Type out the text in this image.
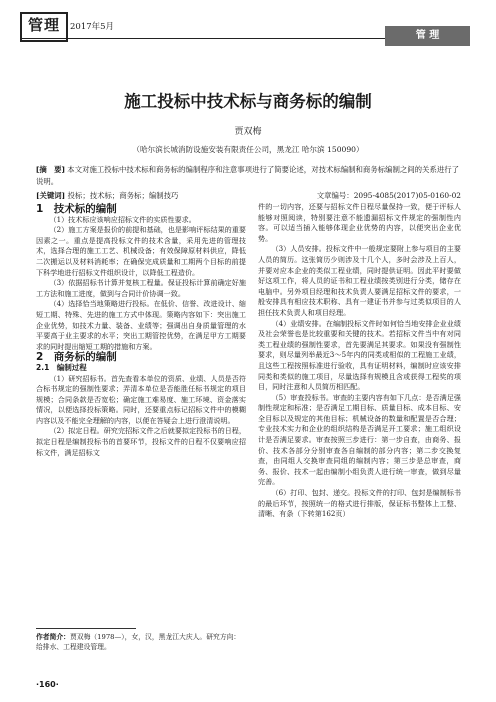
管理	2017年5月
管 理
施工投标中技术标与商务标的编制
贾双梅
（哈尔滨长城消防设施安装有限责任公司，黑龙江 哈尔滨 150090）
[摘　要] 本文对施工投标中技术标和商务标的编制程序和注意事项进行了简要论述，对技术标编制和商务标编制之间的关系进行了说明。
[关键词] 投标；技术标；商务标；编制技巧	文章编号：2095-4085(2017)05-0160-02

1　技术标的编制

（1）技术标应该响应招标文件的实质性要求。

（2）施工方案是报价的前提和基础，也是影响评标结果的重要因素之一。重点是提高投标文件的技术含量，采用先进的管理技术，选择合理的施工工艺、机械设备；有效保障原材料供应，降低二次搬运以及材料消耗率；在确保完成质量和工期两个目标的前提下科学地进行招标文件组织设计，以降低工程造价。

（3）依据招标书计算并复核工程量。保证投标计算前确定好施工方法和施工进度，做到与合同计价协调一致。

（4）选择恰当地策略进行投标。在低价、信誉、改进设计、缩短工期、特殊、先进的施工方式中体现。策略内容如下：突出施工企业优势，如技术力量、装备、业绩等；强调出自身质量管理的水平要高于业主要求的水平；突出工期管控优势，在满足甲方工期要求的同时提出缩短工期的措施和方案。

2　商务标的编制

2.1　编制过程

（1）研究招标书。首先查看本单位的资质、业绩、人员是否符合标书规定的强制性要求；弄清本单位是否能胜任标书规定的项目规模；合同条款是否宽松；确定施工难易度、施工环境、资金落实情况，以便选择投标策略。同时，还要重点标记招标文件中的模糊内容以及不能完全理解的内容，以便在答疑会上进行澄清说明。

（2）拟定日程。研究完招标文件之后就要拟定投标书的日程，拟定日程是编制投标书的首要环节，投标文件的日程不仅要响应招标文件，满足招标文

件的一切内容，还要与招标文件日程尽量保持一致，便于评标人能够对照阅读，特别要注意不能遗漏招标文件规定的强制性内容。可以适当插入能够体现企业优势的内容，以便突出企业优势。

（3）人员安排。投标文件中一般规定要附上参与项目的主要人员的简历。这张简历少则涉及十几个人，多时会涉及上百人，并要对应本企业的类似工程业绩，同时提供证明。因此平时要做好这项工作，将人员的证书和工程业绩按类别进行分类，储存在电脑中。另外项目经理和技术负责人要满足招标文件的要求，一般安排具有相应技术职称、具有一建证书并参与过类似项目的人担任技术负责人和项目经理。

（4）业绩安排。在编制投标文件时如何恰当地安排企业业绩及社会荣誉也是比较重要和关键的技术。若招标文件当中有对同类工程业绩的强制性要求，首先要满足其要求。如果没有强制性要求，则尽量列举最近3～5年内的同类或相似的工程施工业绩，且这些工程按照标准进行验收，具有证明材料，编制时应该安排同类和类似的施工项目，尽量选择有规模且含或获得工程奖的项目，同时注意和人员简历相匹配。

（5）审查投标书。审查的主要内容有如下几点：是否满足强制性规定和标准；是否满足工期目标、质量目标、成本目标、安全目标以及规定的其他目标；机械设备的数量和配置是否合理；专业技术实力和企业的组织结构是否满足开工要求；施工组织设计是否满足要求。审查按照三步进行：第一步自查，由商务、报价、技术各部分分别审查各自编制的部分内容；第二步交换复查，由同组人交换审查同组的编制内容；第三步是总审查，商务、报价、技术一起由编制小组负责人进行统一审查，做到尽量完善。

（6）打印、包封、递交。投标文件的打印、包封是编制标书的最后环节，按照统一的格式进行排版，保证标书整体上工整、清晰、有条（下转第162页）

作者简介：贾双梅（1978—），女，汉，黑龙江大庆人。研究方向：给排水、工程建设管理。
·160·
